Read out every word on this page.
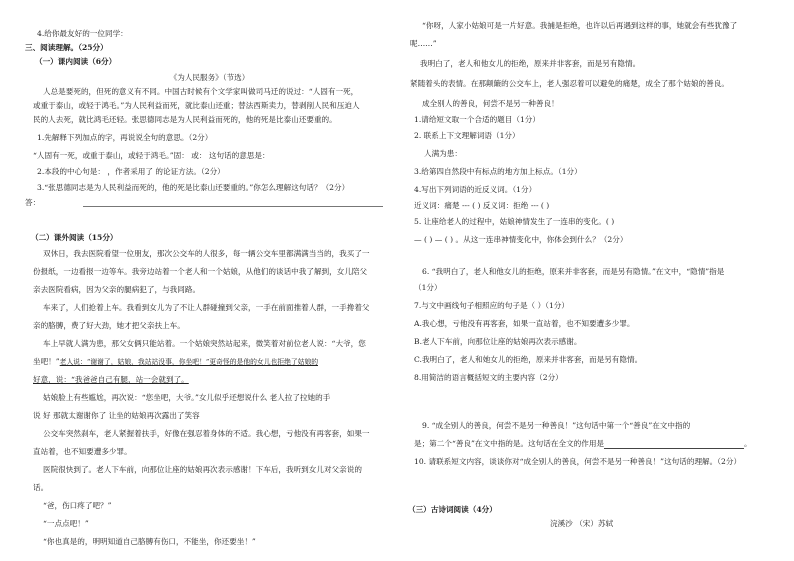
4.给你最友好的一位同学：

三、阅读理解。（25分）

（一）课内阅读（6分）

《为人民服务》（节选）

人总是要死的，但死的意义有不同。中国古时候有个文学家叫做司马迁的说过：“人固有一死，

或重于泰山，或轻于鸿毛。”为人民利益而死，就比泰山还重；替法西斯卖力，替剥削人民和压迫人

民的人去死，就比鸿毛还轻。张思德同志是为人民利益而死的，他的死是比泰山还要重的。

1.先解释下列加点的字，再说说全句的意思。（2分）

“人固有一死，或重于泰山，或轻于鸿毛。”固： 或： 这句话的意思是：

2.本段的中心句是： ，作者采用了 的论证方法。（2分）

3.“张思德同志是为人民利益而死的，他的死是比泰山还要重的。”你怎么理解这句话？（2分）

答：

（二）课外阅读（15分）

双休日，我去医院看望一位朋友，那次公交车的人很多，每一辆公交车里都满满当当的，我买了一

份报纸，一边看报一边等车。我旁边站着一个老人和一个姑娘，从他们的谈话中我了解到，女儿陪父

亲去医院看病，因为父亲的腿病犯了，与我同路。

车来了，人们抢着上车。我看到女儿为了不让人群碰撞到父亲，一手在前面推着人群，一手搀着父

亲的胳膊，费了好大劲，她才把父亲扶上车。

车上早就人满为患，那父女俩只能站着。一个姑娘突然站起来，微笑着对前位老人说：“大爷，您

坐吧！”老人说：“谢谢了，姑娘，我站站没事，你坐吧！”更奇怪的是他的女儿也拒绝了姑娘的

好意，说：“我爸爸自己有腿，站一会就到了。

姑娘脸上有些尴尬，再次说：“您坐吧，大爷。”女儿似乎还想说什么 老人拉了拉她的手

说 好 那就太谢谢你了 让坐的姑娘再次露出了笑容

公交车突然刹车，老人紧握着扶手，好像在强忍着身体的不适。我心想，亏他没有再客套，如果一

直站着，也不知要遭多少罪。

医院很快到了。老人下车前，向那位让座的姑娘再次表示感谢！下车后，我听到女儿对父亲说的

话。

“爸，伤口疼了吧？”

“一点点吧！”

“你也真是的，明明知道自己胳膊有伤口，不能坐，你还要坐！”

“你呀，人家小姑娘可是一片好意。我捕是拒绝，也许以后再遇到这样的事，她就会有些犹豫了

呢……”

我明白了，老人和他女儿的拒绝，原来并非客套，而是另有隐情。

紧随着头的表情。在那颠簸的公交车上，老人强忍着可以避免的痛楚，成全了那个姑娘的善良。

成全别人的善良，何尝不是另一种善良！

1.请给短文取一个合适的题目（1分）

2. 联系上下文理解词语（1分）

人满为患：

3.给第四自然段中有标点的地方加上标点。（1分）

4.写出下列词语的近反义词。（1分）

近义词：痛楚 --- ( ) 反义词：拒绝 --- ( )

5. 让座给老人的过程中，姑娘神情发生了一连串的变化。( )

— ( ) — ( ) 。从这一连串神情变化中，你体会到什么？（2分）

6. “我明白了，老人和他女儿的拒绝，原来并非客套，而是另有隐情。”在文中，“隐情”指是

（1分）

7.与文中画线句子相照应的句子是（ ）（1分）

A.我心想，亏他没有再客套，如果一直站着，也不知要遭多少罪。

B.老人下车前，向那位让座的姑娘再次表示感谢。

C.我明白了，老人和她女儿的拒绝，原来并非客套，而是另有隐情。

8.用简洁的语言概括短文的主要内容（2分）

9. “成全别人的善良，何尝不是另一种善良！”这句话中第一个“善良”在文中指的

是；第二个“善良”在文中指的是。这句话在全文的作用是	。

10. 请联系短文内容，谈谈你对“成全别人的善良，何尝不是另一种善良！”这句话的理解。（2分）

（三）古诗词阅读（4分）

浣溪沙 （宋）苏轼
